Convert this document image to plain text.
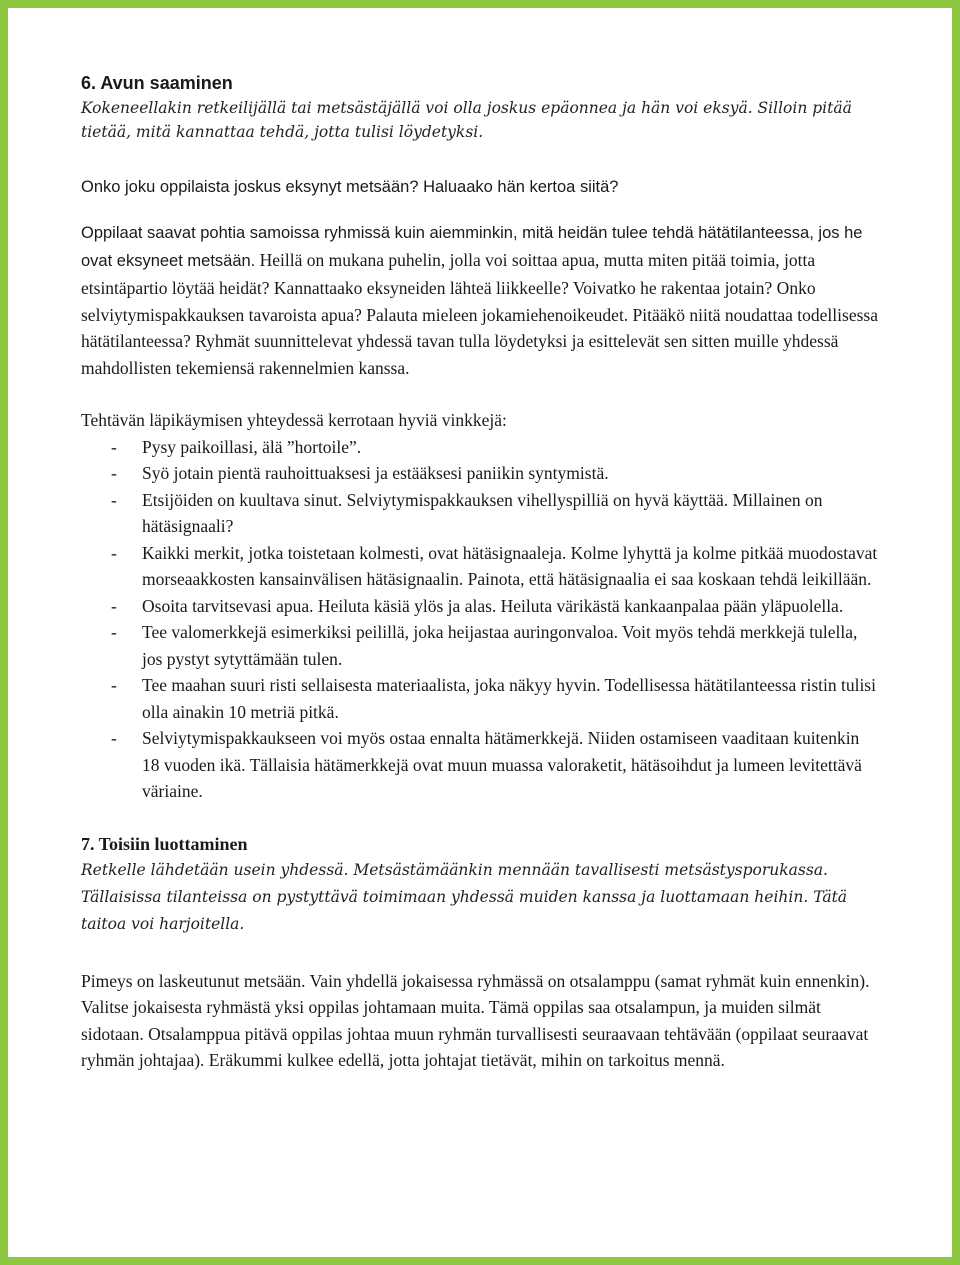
6. Avun saaminen

Kokeneellakin retkeilijällä tai metsästäjällä voi olla joskus epäonnea ja hän voi eksyä. Silloin pitää tietää, mitä kannattaa tehdä, jotta tulisi löydetyksi.

Onko joku oppilaista joskus eksynyt metsään? Haluaako hän kertoa siitä?

Oppilaat saavat pohtia samoissa ryhmissä kuin aiemminkin, mitä heidän tulee tehdä hätätilanteessa, jos he ovat eksyneet metsään. Heillä on mukana puhelin, jolla voi soittaa apua, mutta miten pitää toimia, jotta etsintäpartio löytää heidät? Kannattaako eksyneiden lähteä liikkeelle? Voivatko he rakentaa jotain? Onko selviytymispakkauksen tavaroista apua? Palauta mieleen jokamiehenoikeudet. Pitääkö niitä noudattaa todellisessa hätätilanteessa? Ryhmät suunnittelevat yhdessä tavan tulla löydetyksi ja esittelevät sen sitten muille yhdessä mahdollisten tekemiensä rakennelmien kanssa.

Tehtävän läpikäymisen yhteydessä kerrotaan hyviä vinkkejä:

- Pysy paikoillasi, älä ”hortoile”.
- Syö jotain pientä rauhoittuaksesi ja estääksesi paniikin syntymistä.
- Etsijöiden on kuultava sinut. Selviytymispakkauksen vihellyspilliä on hyvä käyttää. Millainen on hätäsignaali?
- Kaikki merkit, jotka toistetaan kolmesti, ovat hätäsignaaleja. Kolme lyhyttä ja kolme pitkää muodostavat morseaakkosten kansainvälisen hätäsignaalin. Painota, että hätäsignaalia ei saa koskaan tehdä leikillään.
- Osoita tarvitsevasi apua. Heiluta käsiä ylös ja alas. Heiluta värikästä kankaanpalaa pään yläpuolella.
- Tee valomerkkejä esimerkiksi peilillä, joka heijastaa auringonvaloa. Voit myös tehdä merkkejä tulella, jos pystyt sytyttämään tulen.
- Tee maahan suuri risti sellaisesta materiaalista, joka näkyy hyvin. Todellisessa hätätilanteessa ristin tulisi olla ainakin 10 metriä pitkä.
- Selviytymispakkaukseen voi myös ostaa ennalta hätämerkkejä. Niiden ostamiseen vaaditaan kuitenkin 18 vuoden ikä. Tällaisia hätämerkkejä ovat muun muassa valoraketit, hätäsoihdut ja lumeen levitettävä väriaine.
7. Toisiin luottaminen

Retkelle lähdetään usein yhdessä. Metsästämäänkin mennään tavallisesti metsästysporukassa. Tällaisissa tilanteissa on pystyttävä toimimaan yhdessä muiden kanssa ja luottamaan heihin. Tätä taitoa voi harjoitella.

Pimeys on laskeutunut metsään. Vain yhdellä jokaisessa ryhmässä on otsalamppu (samat ryhmät kuin ennenkin). Valitse jokaisesta ryhmästä yksi oppilas johtamaan muita. Tämä oppilas saa otsalampun, ja muiden silmät sidotaan. Otsalamppua pitävä oppilas johtaa muun ryhmän turvallisesti seuraavaan tehtävään (oppilaat seuraavat ryhmän johtajaa). Eräkummi kulkee edellä, jotta johtajat tietävät, mihin on tarkoitus mennä.
